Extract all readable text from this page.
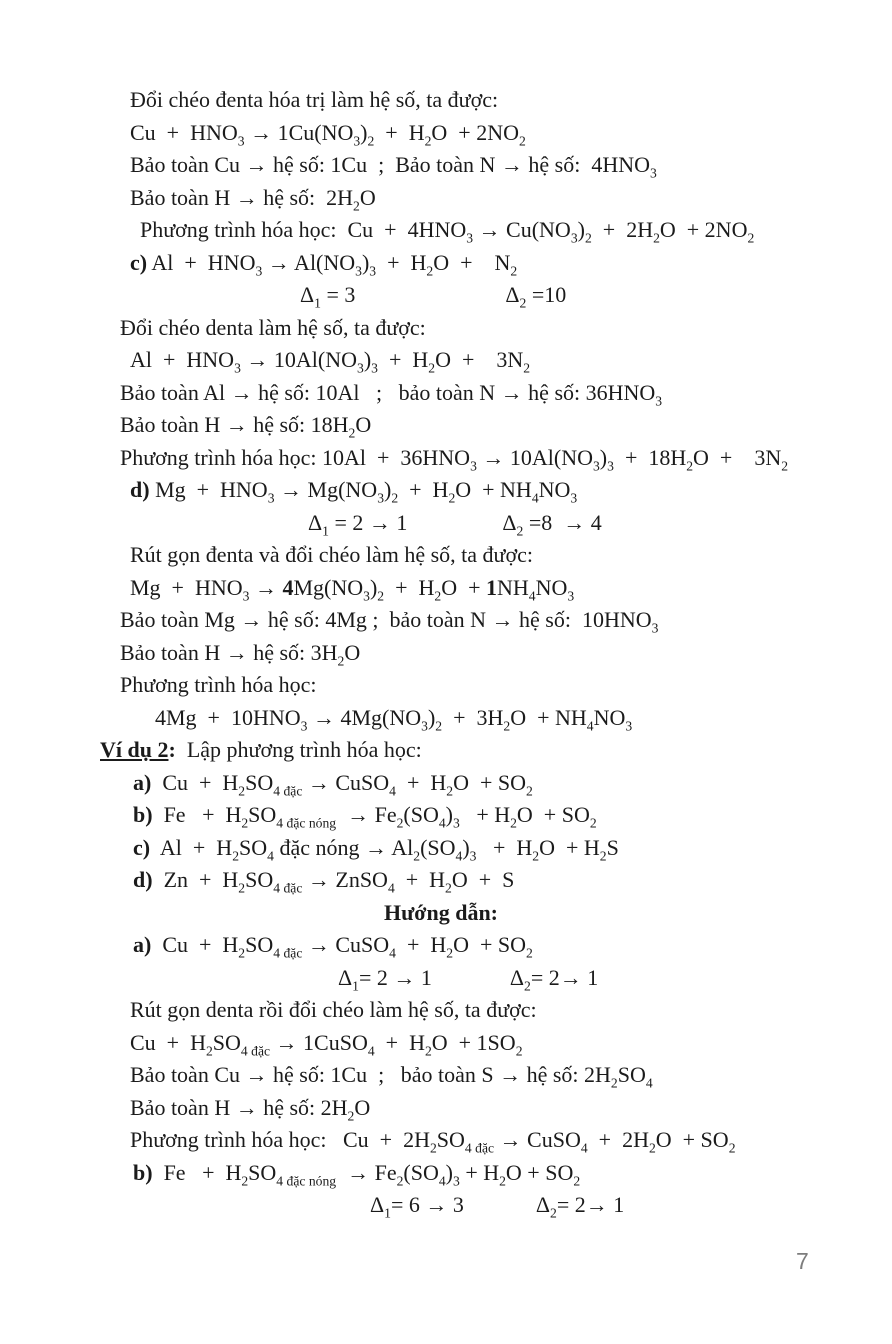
Đổi chéo đenta hóa trị làm hệ số, ta được:
$Cu + HNO_3 \to 1Cu(NO_3)_2 + H_2O + 2NO_2$
Bảo toàn Cu → hệ số: 1Cu  ;  Bảo toàn N → hệ số:  $4HNO_3$
Bảo toàn H → hệ số:  $2H_2O$
Phương trình hóa học:  $Cu + 4HNO_3 \to Cu(NO_3)_2 + 2H_2O + 2NO_2$
c) $Al + HNO_3 \to Al(NO_3)_3 + H_2O$  +    $N_2$
$\Delta_1 = 3$	$\Delta_2 =10$
Đổi chéo denta làm hệ số, ta được:
$Al + HNO_3 \to 10Al(NO_3)_3 + H_2O$  +    $3N_2$
Bảo toàn Al → hệ số: 10Al   ;   bảo toàn N → hệ số: $36HNO_3$
Bảo toàn H → hệ số: $18H_2O$
Phương trình hóa học: $10Al + 36HNO_3 \to 10Al(NO_3)_3 + 18H_2O$  +    $3N_2$
d) $Mg + HNO_3 \to Mg(NO_3)_2 + H_2O + NH_4NO_3$
$\Delta_1 = 2 \to 1$	$\Delta_2 =8 \to 4$
Rút gọn đenta và đổi chéo làm hệ số, ta được:
$Mg + HNO_3 \to 4Mg(NO_3)_2 + H_2O + 1NH_4NO_3$
Bảo toàn Mg → hệ số: 4Mg ;  bảo toàn N → hệ số:  $10HNO_3$
Bảo toàn H → hệ số: $3H_2O$
Phương trình hóa học:
$4Mg + 10HNO_3 \to 4Mg(NO_3)_2 + 3H_2O + NH_4NO_3$
Ví dụ 2:  Lập phương trình hóa học:
a)  $Cu + H_2SO_{4 đặc}$ → CuSO$_4$  +  $H_2O + SO_2$
b)  $Fe + H_2SO_{4 đặc nóng} \to Fe_2(SO_4)_3 + H_2O + SO_2$
c)  $Al + H_2SO_4$ đặc nóng → $Al_2(SO_4)_3 + H_2O + H_2S$
d)  $Zn + H_2SO_{4 đặc}$ → ZnSO$_4$  +  $H_2O + S$
Hướng dẫn:
a)  $Cu + H_2SO_{4 đặc}$ → CuSO$_4$  +  $H_2O + SO_2$
$\Delta_1= 2 \to 1$	$\Delta_2= 2\to 1$
Rút gọn denta rồi đổi chéo làm hệ số, ta được:
$Cu + H_2SO_{4 đặc}$ → 1CuSO$_4$  +  $H_2O + 1SO_2$
Bảo toàn Cu → hệ số: 1Cu  ;   bảo toàn S → hệ số: $2H_2SO_4$
Bảo toàn H → hệ số: $2H_2O$
Phương trình hóa học:   $Cu + 2H_2SO_{4 đặc}$ → CuSO$_4$  +  $2H_2O + SO_2$
b)  $Fe + H_2SO_{4 đặc nóng} \to Fe_2(SO_4)_3 + H_2O + SO_2$
$\Delta_1= 6 \to 3$	$\Delta_2= 2\to 1$
7
